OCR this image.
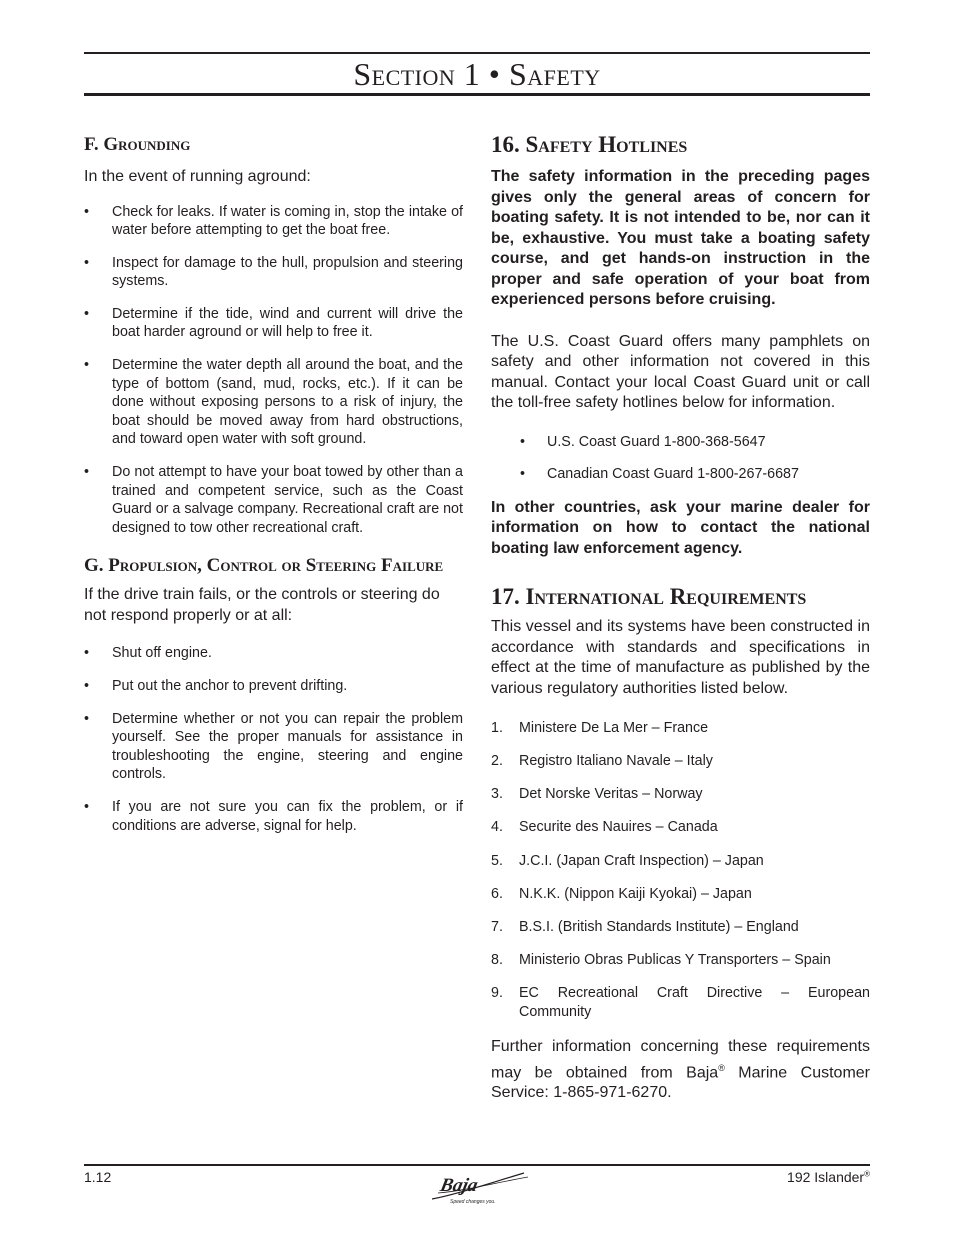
Section 1 • Safety
F. Grounding

In the event of running aground:

• Check for leaks. If water is coming in, stop the intake of water before attempting to get the boat free.
• Inspect for damage to the hull, propulsion and steering systems.
• Determine if the tide, wind and current will drive the boat harder aground or will help to free it.
• Determine the water depth all around the boat, and the type of bottom (sand, mud, rocks, etc.). If it can be done without exposing persons to a risk of injury, the boat should be moved away from hard obstructions, and toward open water with soft ground.
• Do not attempt to have your boat towed by other than a trained and competent service, such as the Coast Guard or a salvage company. Recreational craft are not designed to tow other recreational craft.
G. Propulsion, Control or Steering Failure

If the drive train fails, or the controls or steering do not respond properly or at all:

• Shut off engine.
• Put out the anchor to prevent drifting.
• Determine whether or not you can repair the problem yourself. See the proper manuals for assistance in troubleshooting the engine, steering and engine controls.
• If you are not sure you can fix the problem, or if conditions are adverse, signal for help.
16. Safety Hotlines

The safety information in the preceding pages gives only the general areas of concern for boating safety. It is not intended to be, nor can it be, exhaustive. You must take a boating safety course, and get hands-on instruction in the proper and safe operation of your boat from experienced persons before cruising.

The U.S. Coast Guard offers many pamphlets on safety and other information not covered in this manual. Contact your local Coast Guard unit or call the toll-free safety hotlines below for information.

• U.S. Coast Guard 1-800-368-5647
• Canadian Coast Guard 1-800-267-6687

In other countries, ask your marine dealer for information on how to contact the national boating law enforcement agency.

17. International Requirements

This vessel and its systems have been constructed in accordance with standards and specifications in effect at the time of manufacture as published by the various regulatory authorities listed below.

1. Ministere De La Mer – France
2. Registro Italiano Navale – Italy
3. Det Norske Veritas – Norway
4. Securite des Nauires – Canada
5. J.C.I. (Japan Craft Inspection) – Japan
6. N.K.K. (Nippon Kaiji Kyokai) – Japan
7. B.S.I. (British Standards Institute) – England
8. Ministerio Obras Publicas Y Transporters – Spain
9. EC Recreational Craft Directive – European Community

Further information concerning these requirements may be obtained from Baja® Marine Customer Service: 1-865-971-6270.

1.12	Baja
Speed changes you.
192 Islander®
